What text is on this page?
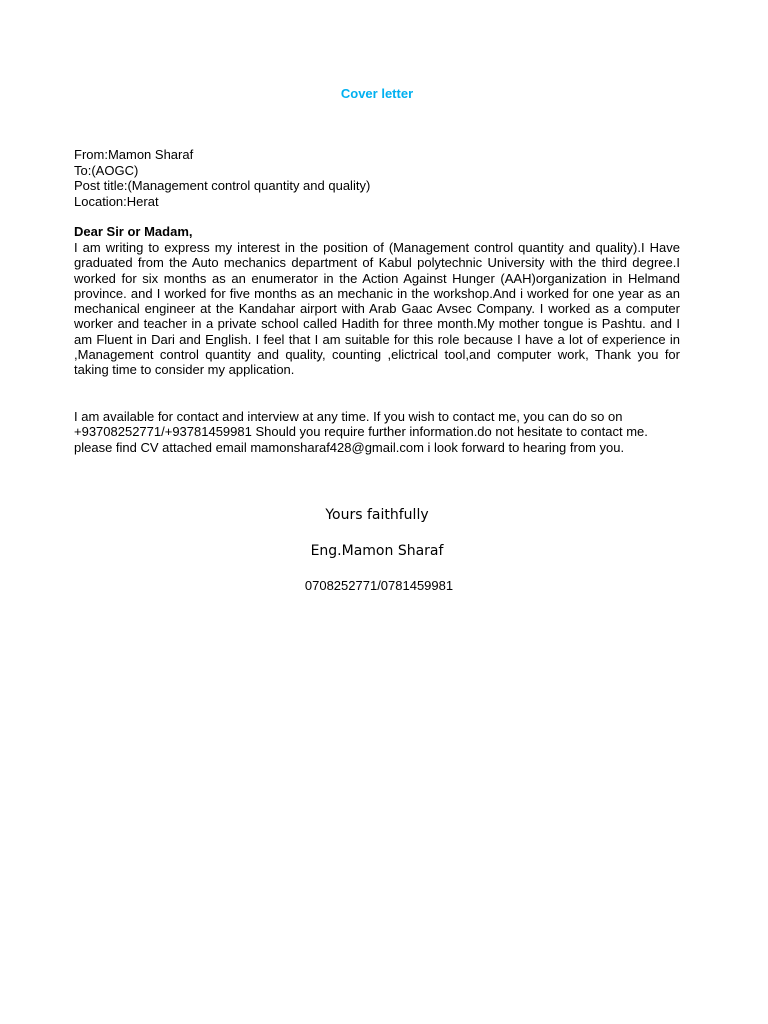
Cover letter
From:Mamon Sharaf
To:(AOGC)
Post title:(Management control quantity and quality)
Location:Herat
Dear Sir or Madam,

I am writing to express my interest in the position of (Management control quantity and quality).I Have graduated from the Auto mechanics department of Kabul polytechnic University with the third degree.I worked for six months as an enumerator in the Action Against Hunger (AAH)organization in Helmand province. and I worked for five months as an mechanic in the workshop.And i worked for one year as an mechanical engineer at the Kandahar airport with Arab Gaac Avsec Company. I worked as a computer worker and teacher in a private school called Hadith for three month.My mother tongue is Pashtu. and I am Fluent in Dari and English. I feel that I am suitable for this role because I have a lot of experience in ,Management control quantity and quality, counting ,elictrical tool,and computer work, Thank you for taking time to consider my application.

I am available for contact and interview at any time. If you wish to contact me, you can do so on +93708252771/+93781459981 Should you require further information.do not hesitate to contact me. please find CV attached email mamonsharaf428@gmail.com i look forward to hearing from you.

Yours faithfully
Eng.Mamon Sharaf
0708252771/0781459981
